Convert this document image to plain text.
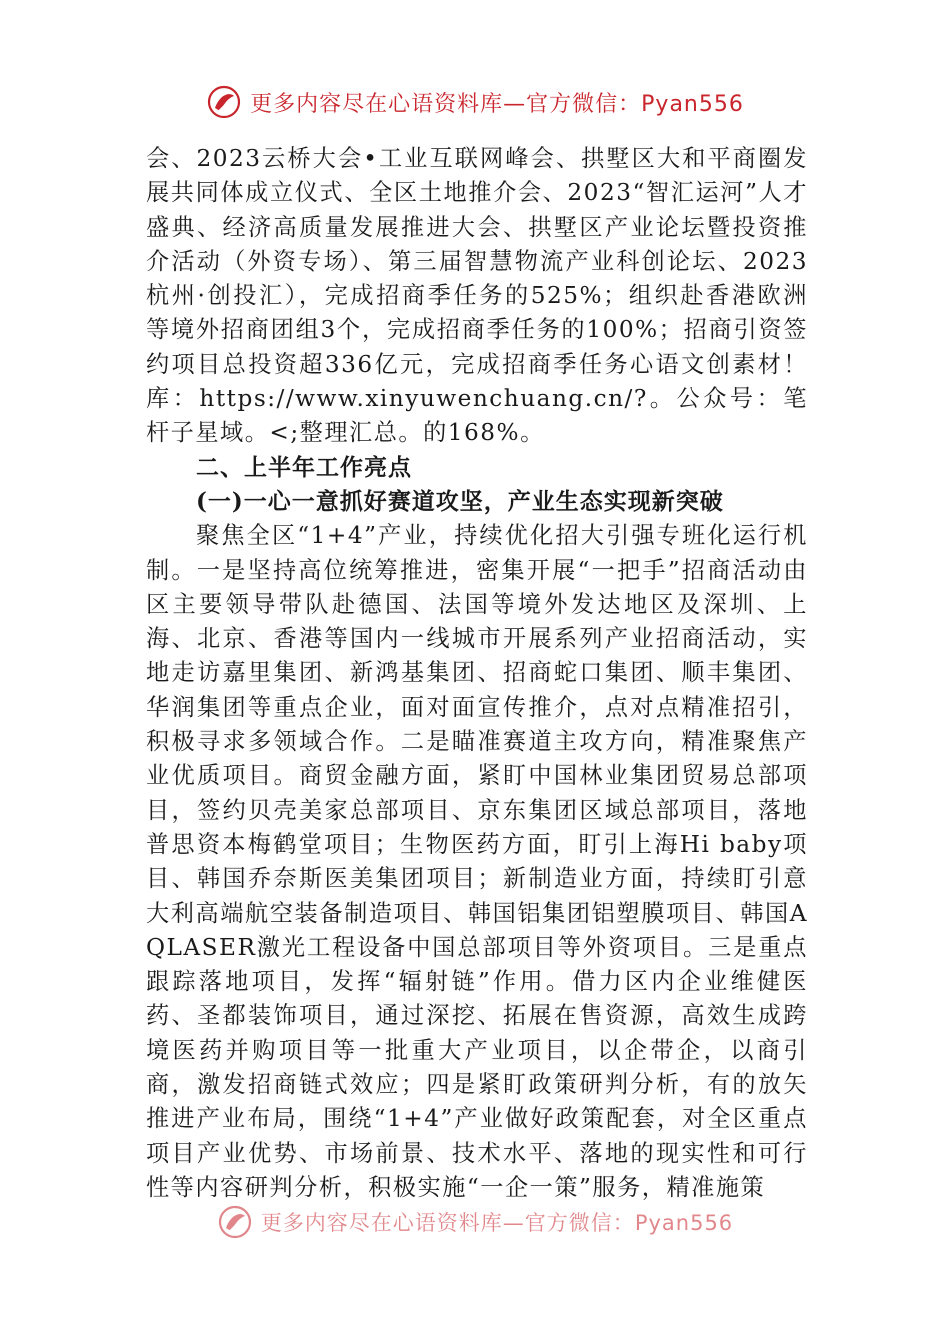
更多内容尽在心语资料库—官方微信：Pyan556

会、2023云桥大会•工业互联网峰会、拱墅区大和平商圈发展共同体成立仪式、全区土地推介会、2023“智汇运河”人才盛典、经济高质量发展推进大会、拱墅区产业论坛暨投资推介活动（外资专场）、第三届智慧物流产业科创论坛、2023杭州·创投汇），完成招商季任务的525%；组织赴香港欧洲等境外招商团组3个，完成招商季任务的100%；招商引资签约项目总投资超336亿元，完成招商季任务心语文创素材！库：https://www.xinyuwenchuang.cn/?。公众号：笔杆子星域。<;整理汇总。的168%。

二、上半年工作亮点

(一)一心一意抓好赛道攻坚，产业生态实现新突破

聚焦全区“1+4”产业，持续优化招大引强专班化运行机制。一是坚持高位统筹推进，密集开展“一把手”招商活动由区主要领导带队赴德国、法国等境外发达地区及深圳、上海、北京、香港等国内一线城市开展系列产业招商活动，实地走访嘉里集团、新鸿基集团、招商蛇口集团、顺丰集团、华润集团等重点企业，面对面宣传推介，点对点精准招引，积极寻求多领域合作。二是瞄准赛道主攻方向，精准聚焦产业优质项目。商贸金融方面，紧盯中国林业集团贸易总部项目，签约贝壳美家总部项目、京东集团区域总部项目，落地普思资本梅鹤堂项目；生物医药方面，盯引上海Hi baby项目、韩国乔奈斯医美集团项目；新制造业方面，持续盯引意大利高端航空装备制造项目、韩国铝集团铝塑膜项目、韩国AQLASER激光工程设备中国总部项目等外资项目。三是重点跟踪落地项目，发挥“辐射链”作用。借力区内企业维健医药、圣都装饰项目，通过深挖、拓展在售资源，高效生成跨境医药并购项目等一批重大产业项目，以企带企，以商引商，激发招商链式效应；四是紧盯政策研判分析，有的放矢推进产业布局，围绕“1+4”产业做好政策配套，对全区重点项目产业优势、市场前景、技术水平、落地的现实性和可行性等内容研判分析，积极实施“一企一策”服务，精准施策

更多内容尽在心语资料库—官方微信：Pyan556
